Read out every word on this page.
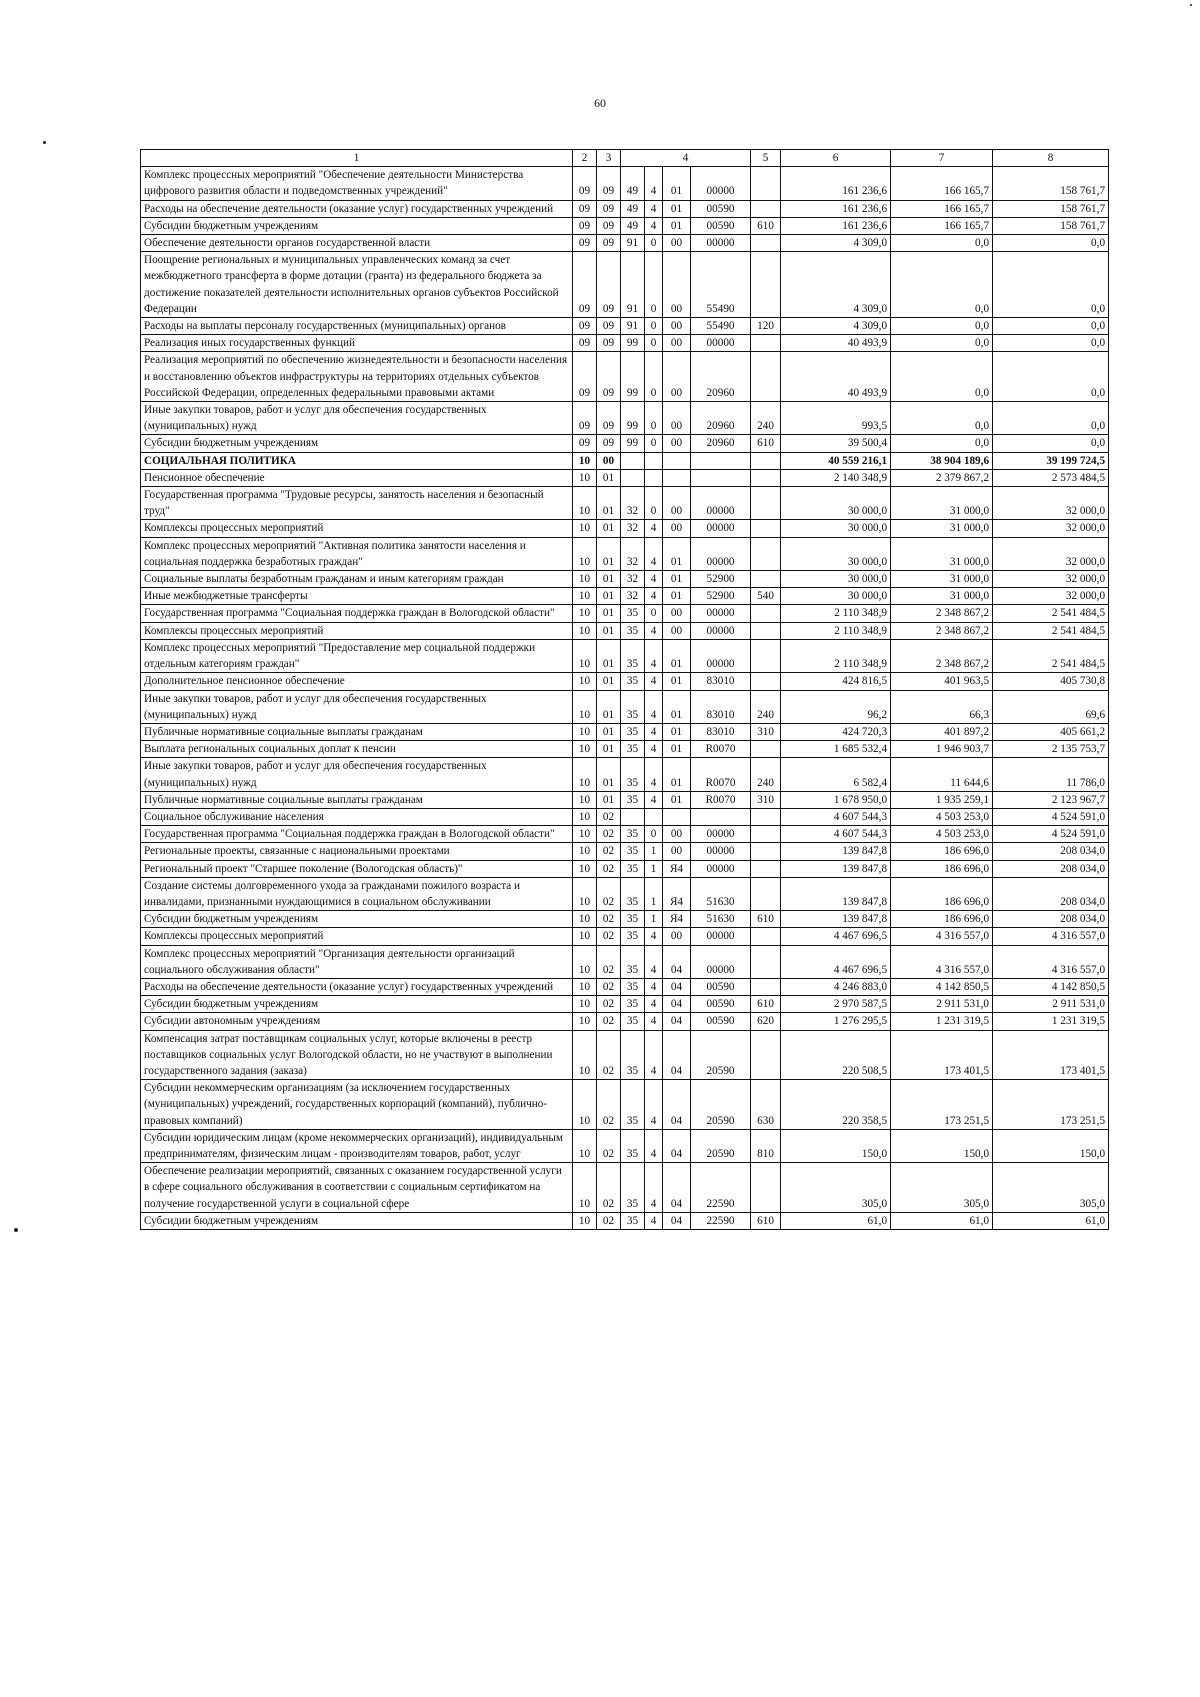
60
1	2	3	4				5	6	7	8
Комплекс процессных мероприятий "Обеспечение деятельности Министерства цифрового развития области и подведомственных учреждений"	09	09	49	4	01	00000		161 236,6	166 165,7	158 761,7
Расходы на обеспечение деятельности (оказание услуг) государственных учреждений	09	09	49	4	01	00590		161 236,6	166 165,7	158 761,7
Субсидии бюджетным учреждениям	09	09	49	4	01	00590	610	161 236,6	166 165,7	158 761,7
Обеспечение деятельности органов государственной власти	09	09	91	0	00	00000		4 309,0	0,0	0,0
Поощрение региональных и муниципальных управленческих команд за счет межбюджетного трансферта в форме дотации (гранта) из федерального бюджета за достижение показателей деятельности исполнительных органов субъектов Российской Федерации	09	09	91	0	00	55490		4 309,0	0,0	0,0
Расходы на выплаты персоналу государственных (муниципальных) органов	09	09	91	0	00	55490	120	4 309,0	0,0	0,0
Реализация иных государственных функций	09	09	99	0	00	00000		40 493,9	0,0	0,0
Реализация мероприятий по обеспечению жизнедеятельности и безопасности населения и восстановлению объектов инфраструктуры на территориях отдельных субъектов Российской Федерации, определенных федеральными правовыми актами	09	09	99	0	00	20960		40 493,9	0,0	0,0
Иные закупки товаров, работ и услуг для обеспечения государственных (муниципальных) нужд	09	09	99	0	00	20960	240	993,5	0,0	0,0
Субсидии бюджетным учреждениям	09	09	99	0	00	20960	610	39 500,4	0,0	0,0
СОЦИАЛЬНАЯ ПОЛИТИКА	10	00						40 559 216,1	38 904 189,6	39 199 724,5
Пенсионное обеспечение	10	01						2 140 348,9	2 379 867,2	2 573 484,5
Государственная программа "Трудовые ресурсы, занятость населения и безопасный труд"	10	01	32	0	00	00000		30 000,0	31 000,0	32 000,0
Комплексы процессных мероприятий	10	01	32	4	00	00000		30 000,0	31 000,0	32 000,0
Комплекс процессных мероприятий "Активная политика занятости населения и социальная поддержка безработных граждан"	10	01	32	4	01	00000		30 000,0	31 000,0	32 000,0
Социальные выплаты безработным гражданам и иным категориям граждан	10	01	32	4	01	52900		30 000,0	31 000,0	32 000,0
Иные межбюджетные трансферты	10	01	32	4	01	52900	540	30 000,0	31 000,0	32 000,0
Государственная программа "Социальная поддержка граждан в Вологодской области"	10	01	35	0	00	00000		2 110 348,9	2 348 867,2	2 541 484,5
Комплексы процессных мероприятий	10	01	35	4	00	00000		2 110 348,9	2 348 867,2	2 541 484,5
Комплекс процессных мероприятий "Предоставление мер социальной поддержки отдельным категориям граждан"	10	01	35	4	01	00000		2 110 348,9	2 348 867,2	2 541 484,5
Дополнительное пенсионное обеспечение	10	01	35	4	01	83010		424 816,5	401 963,5	405 730,8
Иные закупки товаров, работ и услуг для обеспечения государственных (муниципальных) нужд	10	01	35	4	01	83010	240	96,2	66,3	69,6
Публичные нормативные социальные выплаты гражданам	10	01	35	4	01	83010	310	424 720,3	401 897,2	405 661,2
Выплата региональных социальных доплат к пенсии	10	01	35	4	01	R0070		1 685 532,4	1 946 903,7	2 135 753,7
Иные закупки товаров, работ и услуг для обеспечения государственных (муниципальных) нужд	10	01	35	4	01	R0070	240	6 582,4	11 644,6	11 786,0
Публичные нормативные социальные выплаты гражданам	10	01	35	4	01	R0070	310	1 678 950,0	1 935 259,1	2 123 967,7
Социальное обслуживание населения	10	02						4 607 544,3	4 503 253,0	4 524 591,0
Государственная программа "Социальная поддержка граждан в Вологодской области"	10	02	35	0	00	00000		4 607 544,3	4 503 253,0	4 524 591,0
Региональные проекты, связанные с национальными проектами	10	02	35	1	00	00000		139 847,8	186 696,0	208 034,0
Региональный проект "Старшее поколение (Вологодская область)"	10	02	35	1	Я4	00000		139 847,8	186 696,0	208 034,0
Создание системы долговременного ухода за гражданами пожилого возраста и инвалидами, признанными нуждающимися в социальном обслуживании	10	02	35	1	Я4	51630		139 847,8	186 696,0	208 034,0
Субсидии бюджетным учреждениям	10	02	35	1	Я4	51630	610	139 847,8	186 696,0	208 034,0
Комплексы процессных мероприятий	10	02	35	4	00	00000		4 467 696,5	4 316 557,0	4 316 557,0
Комплекс процессных мероприятий "Организация деятельности организаций социального обслуживания области"	10	02	35	4	04	00000		4 467 696,5	4 316 557,0	4 316 557,0
Расходы на обеспечение деятельности (оказание услуг) государственных учреждений	10	02	35	4	04	00590		4 246 883,0	4 142 850,5	4 142 850,5
Субсидии бюджетным учреждениям	10	02	35	4	04	00590	610	2 970 587,5	2 911 531,0	2 911 531,0
Субсидии автономным учреждениям	10	02	35	4	04	00590	620	1 276 295,5	1 231 319,5	1 231 319,5
Компенсация затрат поставщикам социальных услуг, которые включены в реестр поставщиков социальных услуг Вологодской области, но не участвуют в выполнении государственного задания (заказа)	10	02	35	4	04	20590		220 508,5	173 401,5	173 401,5
Субсидии некоммерческим организациям (за исключением государственных (муниципальных) учреждений, государственных корпораций (компаний), публично-правовых компаний)	10	02	35	4	04	20590	630	220 358,5	173 251,5	173 251,5
Субсидии юридическим лицам (кроме некоммерческих организаций), индивидуальным предпринимателям, физическим лицам - производителям товаров, работ, услуг	10	02	35	4	04	20590	810	150,0	150,0	150,0
Обеспечение реализации мероприятий, связанных с оказанием государственной услуги в сфере социального обслуживания в соответствии с социальным сертификатом на получение государственной услуги в социальной сфере	10	02	35	4	04	22590		305,0	305,0	305,0
Субсидии бюджетным учреждениям	10	02	35	4	04	22590	610	61,0	61,0	61,0
